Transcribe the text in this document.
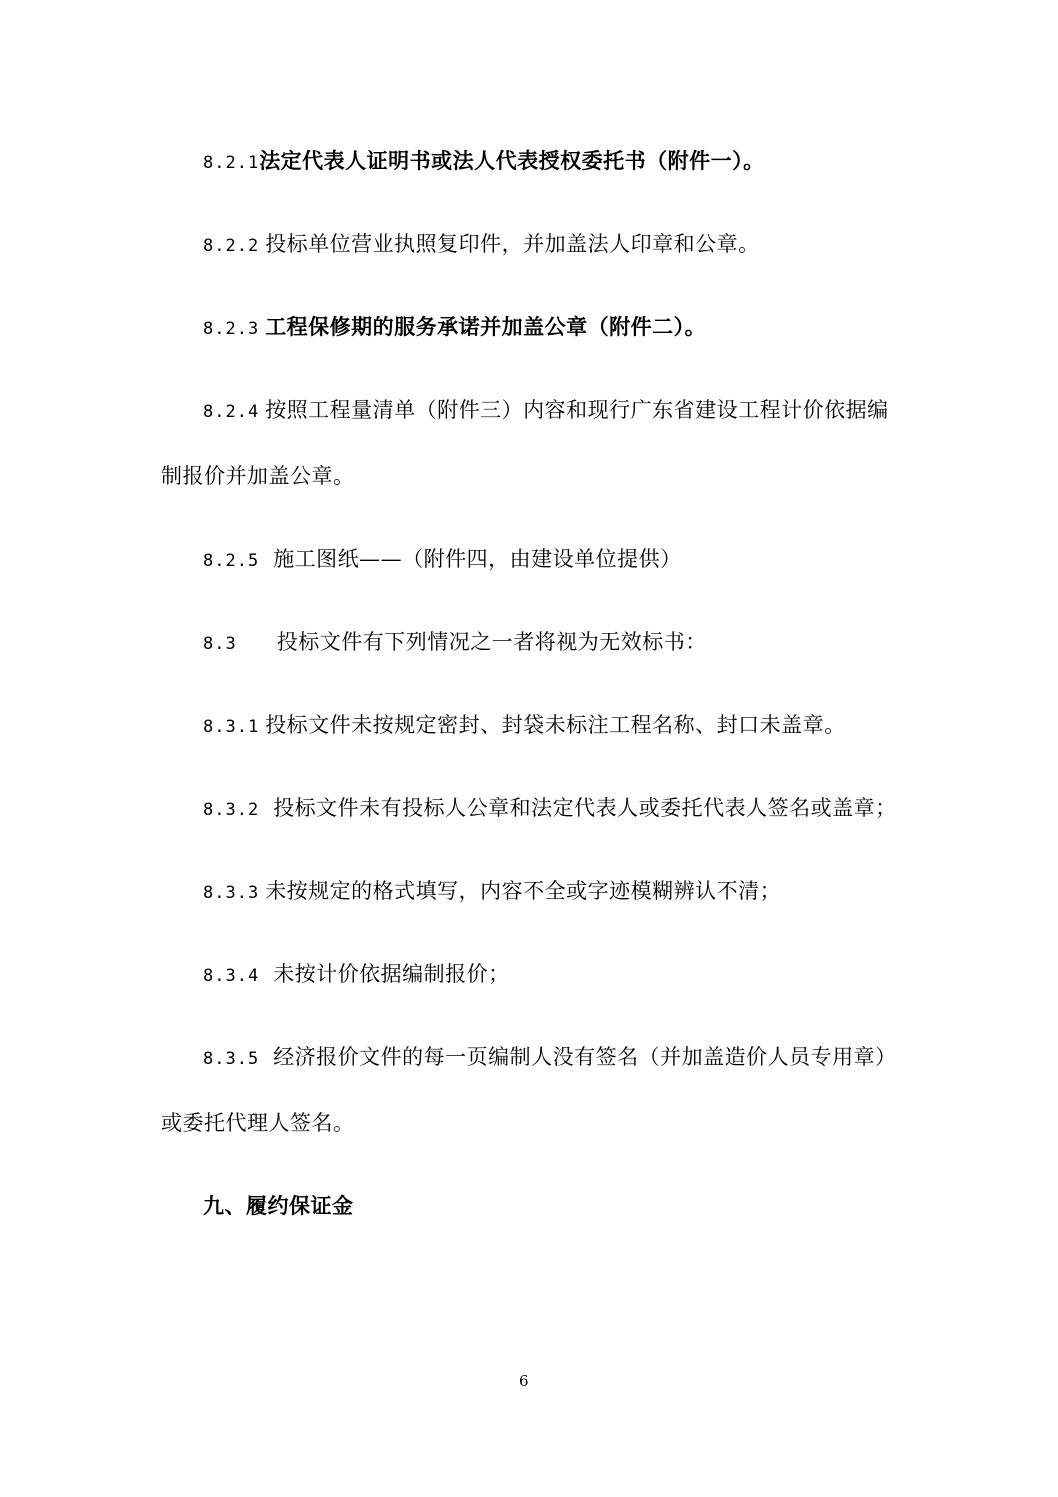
8.2.1法定代表人证明书或法人代表授权委托书（附件一）。
8.2.2 投标单位营业执照复印件，并加盖法人印章和公章。
8.2.3 工程保修期的服务承诺并加盖公章（附件二）。
8.2.4 按照工程量清单（附件三）内容和现行广东省建设工程计价依据编
制报价并加盖公章。
8.2.5 施工图纸——（附件四，由建设单位提供）
8.3 投标文件有下列情况之一者将视为无效标书：
8.3.1 投标文件未按规定密封、封袋未标注工程名称、封口未盖章。
8.3.2 投标文件未有投标人公章和法定代表人或委托代表人签名或盖章；
8.3.3 未按规定的格式填写，内容不全或字迹模糊辨认不清；
8.3.4 未按计价依据编制报价；
8.3.5 经济报价文件的每一页编制人没有签名（并加盖造价人员专用章）
或委托代理人签名。
九、履约保证金
6
